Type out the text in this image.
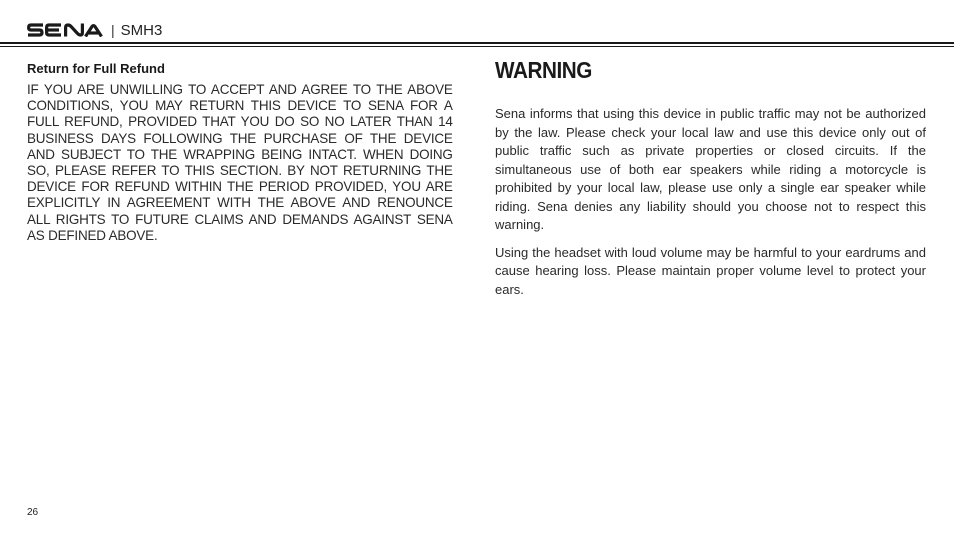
| SMH3
Return for Full Refund

IF YOU ARE UNWILLING TO ACCEPT AND AGREE TO THE ABOVE CONDITIONS, YOU MAY RETURN THIS DEVICE TO SENA FOR A FULL REFUND, PROVIDED THAT YOU DO SO NO LATER THAN 14 BUSINESS DAYS FOLLOWING THE PURCHASE OF THE DEVICE AND SUBJECT TO THE WRAPPING BEING INTACT. WHEN DOING SO, PLEASE REFER TO THIS SECTION. BY NOT RETURNING THE DEVICE FOR REFUND WITHIN THE PERIOD PROVIDED, YOU ARE EXPLICITLY IN AGREEMENT WITH THE ABOVE AND RENOUNCE ALL RIGHTS TO FUTURE CLAIMS AND DEMANDS AGAINST SENA AS DEFINED ABOVE.

WARNING

Sena informs that using this device in public traffic may not be authorized by the law. Please check your local law and use this device only out of public traffic such as private properties or closed circuits. If the simultaneous use of both ear speakers while riding a motorcycle is prohibited by your local law, please use only a single ear speaker while riding. Sena denies any liability should you choose not to respect this warning.

Using the headset with loud volume may be harmful to your eardrums and cause hearing loss. Please maintain proper volume level to protect your ears.

26
